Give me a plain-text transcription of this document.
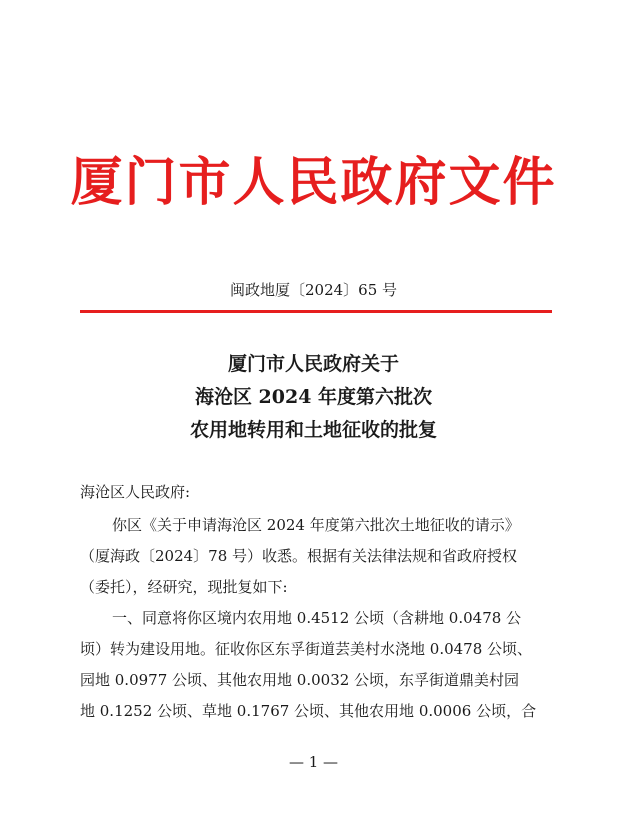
厦门市人民政府文件
闽政地厦〔2024〕65 号
厦门市人民政府关于
海沧区 2024 年度第六批次
农用地转用和土地征收的批复
海沧区人民政府:
你区《关于申请海沧区 2024 年度第六批次土地征收的请示》
（厦海政〔2024〕78 号）收悉。根据有关法律法规和省政府授权
（委托），经研究，现批复如下:
一、同意将你区境内农用地 0.4512 公顷（含耕地 0.0478 公
顷）转为建设用地。征收你区东孚街道芸美村水浇地 0.0478 公顷、
园地 0.0977 公顷、其他农用地 0.0032 公顷，东孚街道鼎美村园
地 0.1252 公顷、草地 0.1767 公顷、其他农用地 0.0006 公顷，合
— 1 —
